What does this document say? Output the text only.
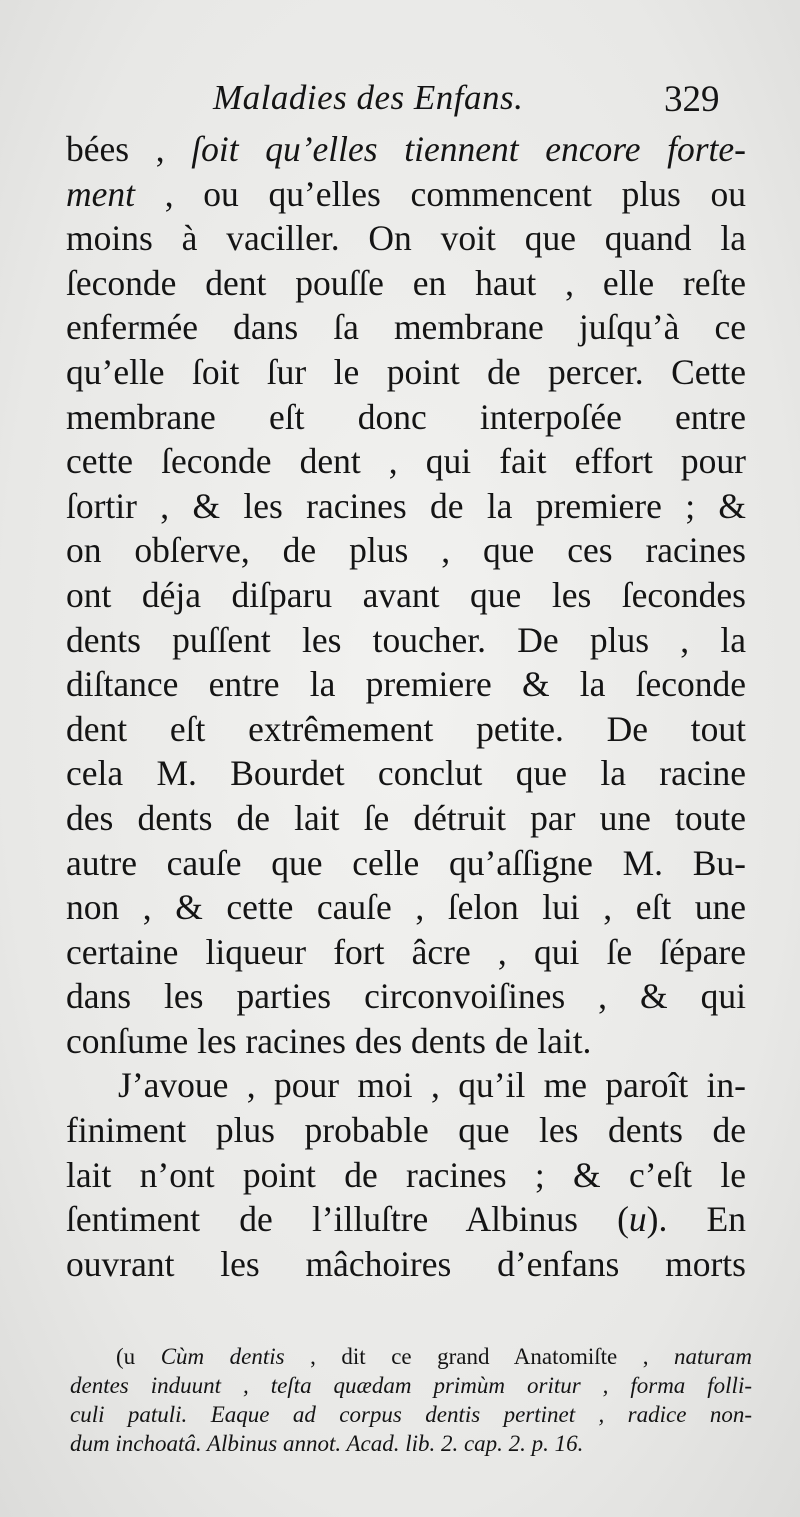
Maladies des Enfans.	329
bées , ſoit qu’elles tiennent encore forte-
ment , ou qu’elles commencent plus ou
moins à vaciller. On voit que quand la
ſeconde dent pouſſe en haut , elle reſte
enfermée dans ſa membrane juſqu’à ce
qu’elle ſoit ſur le point de percer. Cette
membrane eſt donc interpoſée entre
cette ſeconde dent , qui fait effort pour
ſortir , & les racines de la premiere ; &
on obſerve, de plus , que ces racines
ont déja diſparu avant que les ſecondes
dents puſſent les toucher. De plus , la
diſtance entre la premiere & la ſeconde
dent eſt extrêmement petite. De tout
cela M. Bourdet conclut que la racine
des dents de lait ſe détruit par une toute
autre cauſe que celle qu’aſſigne M. Bu-
non , & cette cauſe , ſelon lui , eſt une
certaine liqueur fort âcre , qui ſe ſépare
dans les parties circonvoiſines , & qui
conſume les racines des dents de lait.
J’avoue , pour moi , qu’il me paroît in-
finiment plus probable que les dents de
lait n’ont point de racines ; & c’eſt le
ſentiment de l’illuſtre Albinus (u). En
ouvrant les mâchoires d’enfans morts
(u Cùm dentis , dit ce grand Anatomiſte , naturam
dentes induunt , teſta quædam primùm oritur , forma folli-
culi patuli. Eaque ad corpus dentis pertinet , radice non-
dum inchoatâ. Albinus annot. Acad. lib. 2. cap. 2. p. 16.
